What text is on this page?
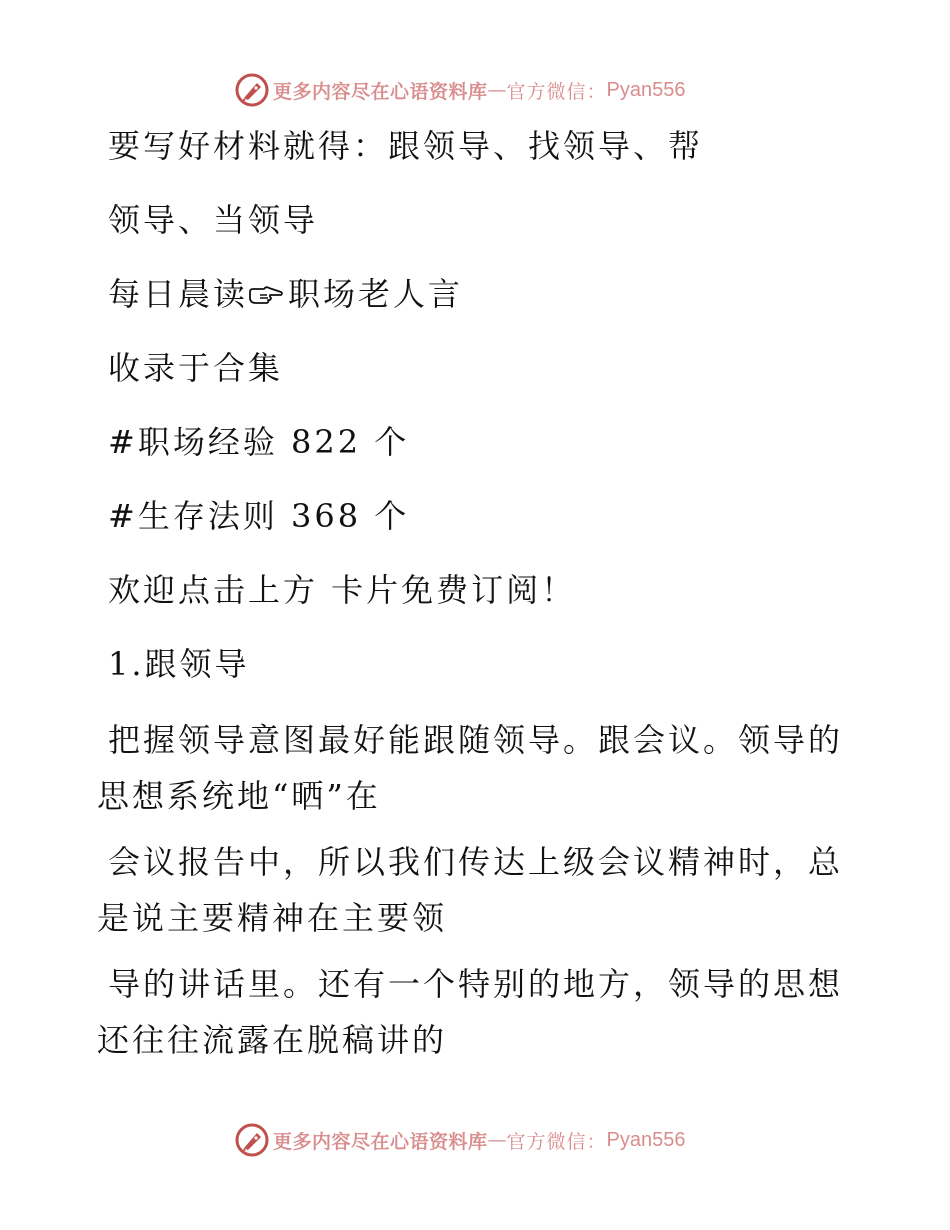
更多内容尽在心语资料库 — 官方微信： Pyan556

要写好材料就得：跟领导、找领导、帮

领导、当领导

每日晨读 职场老人言

收录于合集

#职场经验 822 个

#生存法则 368 个

欢迎点击上方 卡片免费订阅！

1.跟领导

把握领导意图最好能跟随领导。跟会议。领导的
思想系统地“晒”在

会议报告中，所以我们传达上级会议精神时，总
是说主要精神在主要领

导的讲话里。还有一个特别的地方，领导的思想
还往往流露在脱稿讲的

更多内容尽在心语资料库 — 官方微信： Pyan556
